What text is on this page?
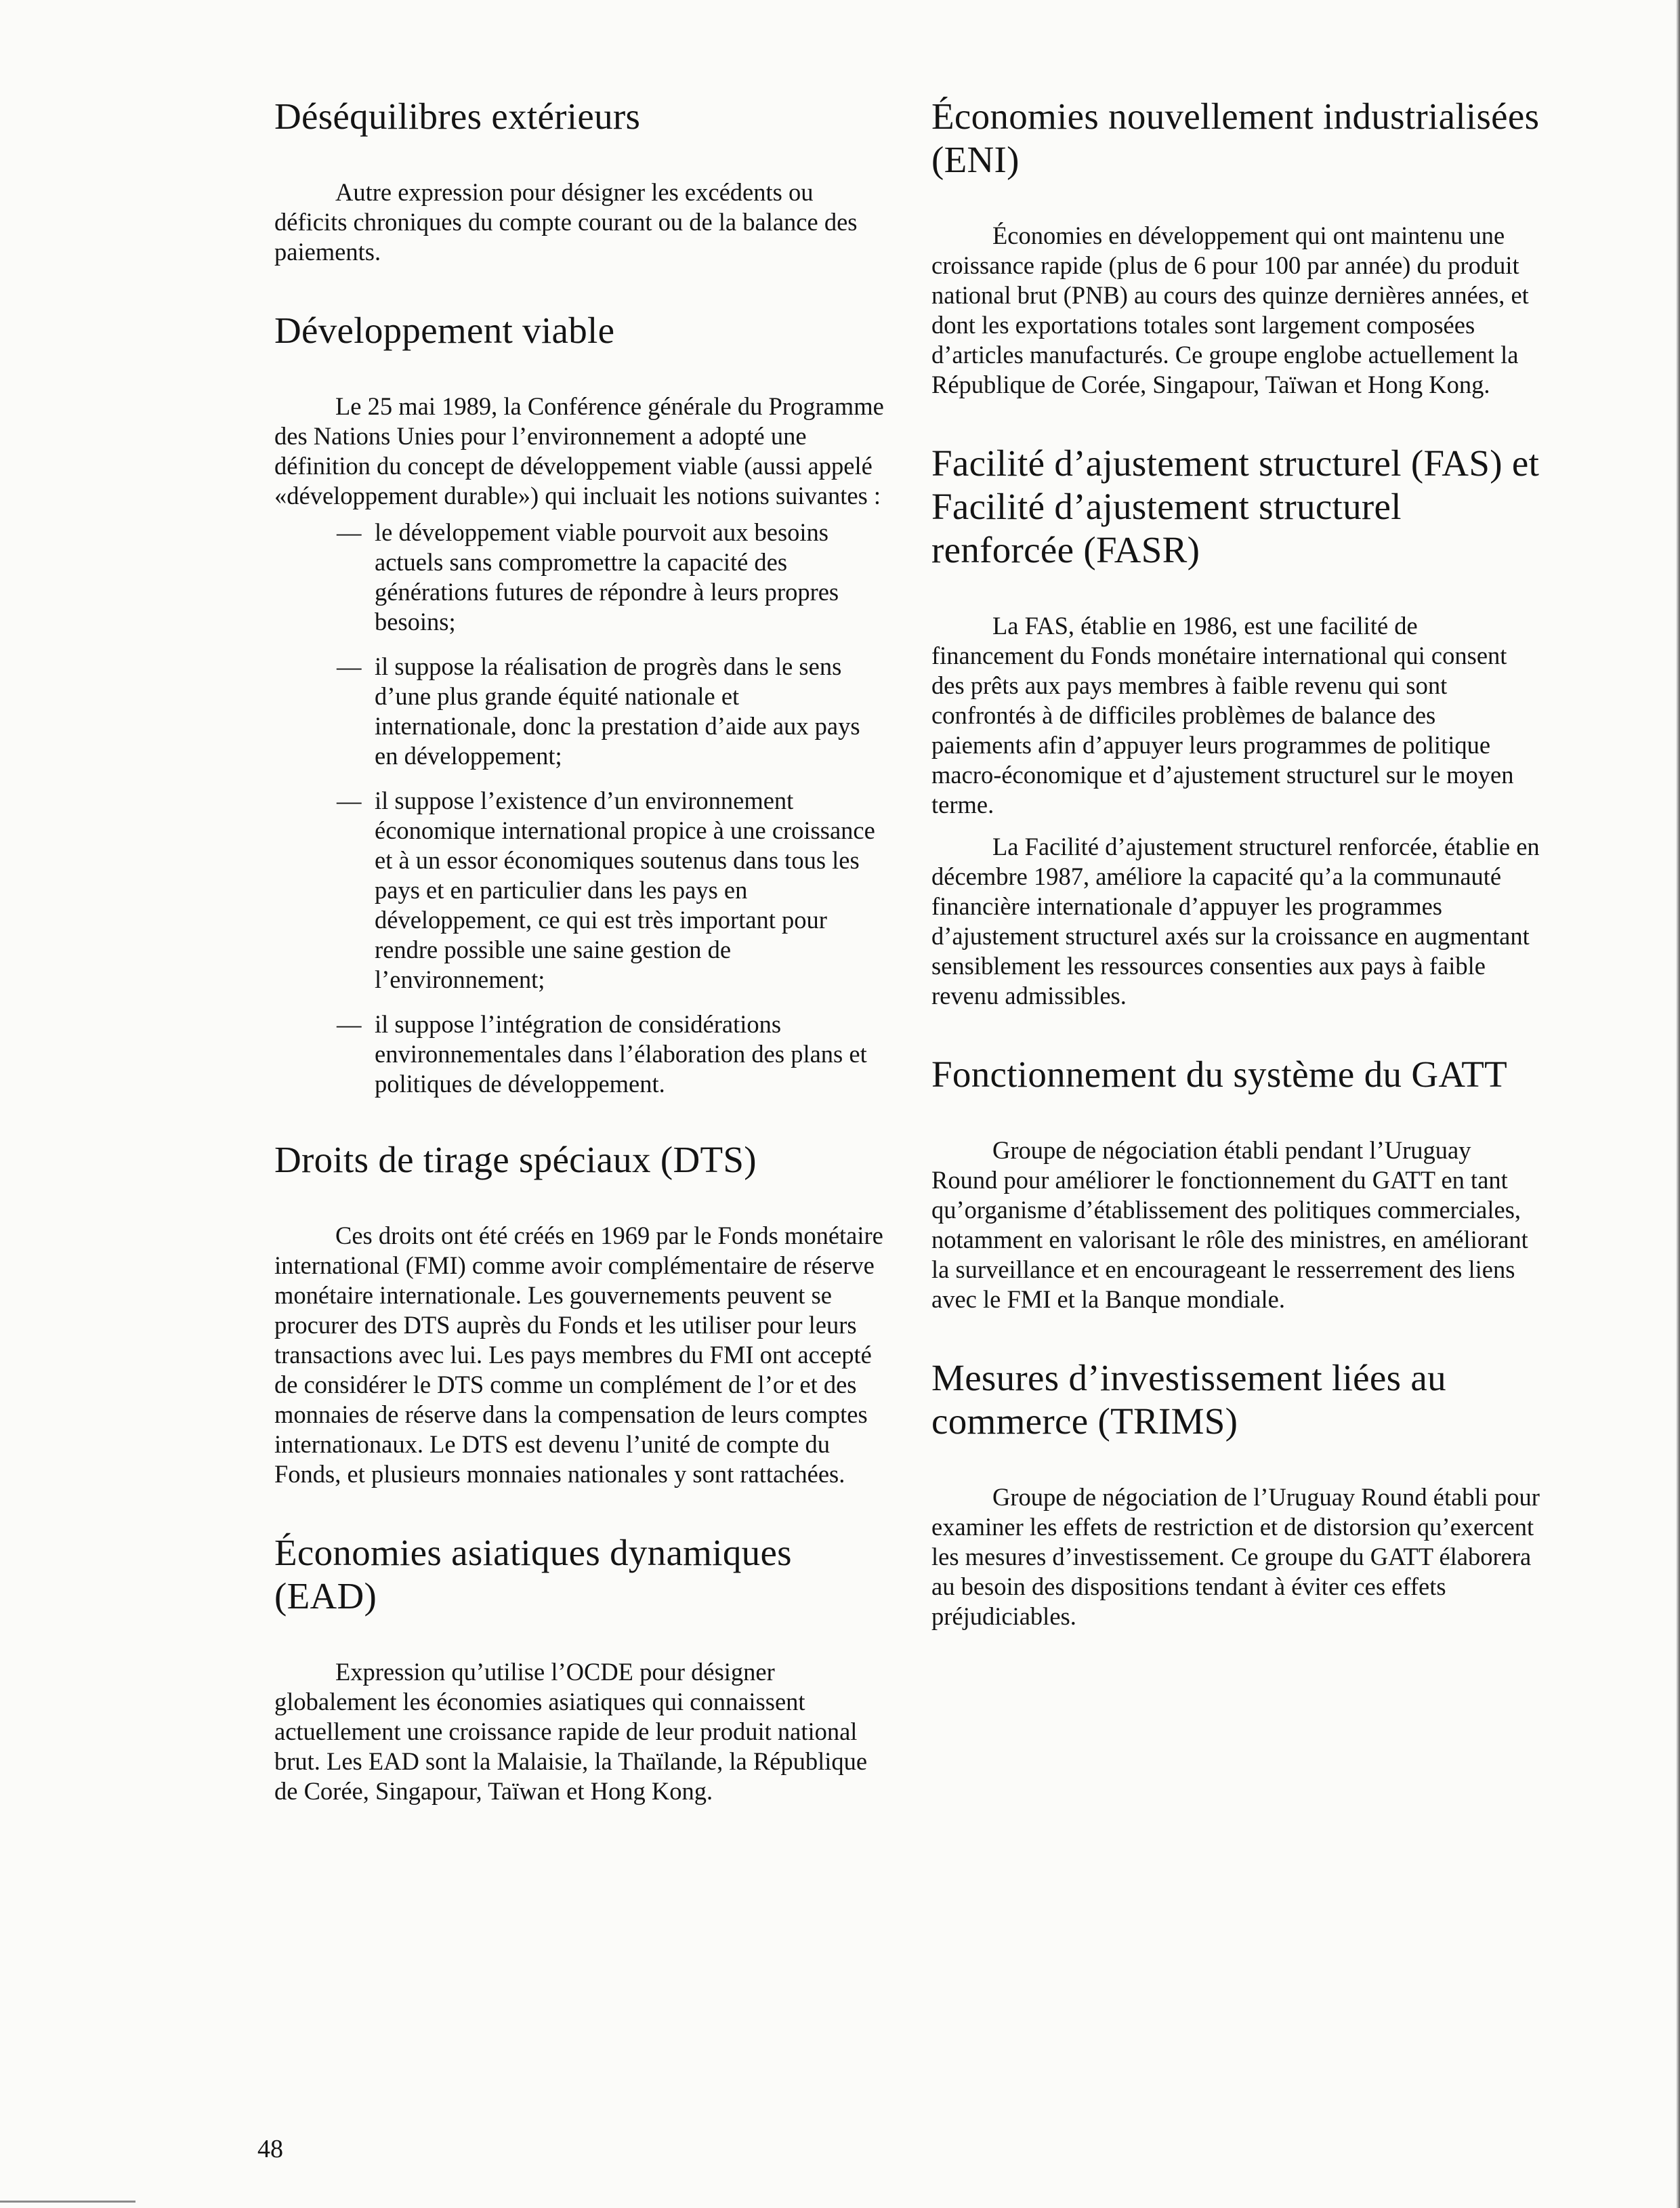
Déséquilibres extérieurs

Autre expression pour désigner les excédents ou déficits chroniques du compte courant ou de la balance des paiements.

Développement viable

Le 25 mai 1989, la Conférence générale du Programme des Nations Unies pour l’environnement a adopté une définition du concept de développement viable (aussi appelé «développement durable») qui incluait les notions suivantes :

— le développement viable pourvoit aux besoins actuels sans compromettre la capacité des générations futures de répondre à leurs propres besoins;
— il suppose la réalisation de progrès dans le sens d’une plus grande équité nationale et internationale, donc la prestation d’aide aux pays en développement;
— il suppose l’existence d’un environnement économique international propice à une croissance et à un essor économiques soutenus dans tous les pays et en particulier dans les pays en développement, ce qui est très important pour rendre possible une saine gestion de l’environnement;
— il suppose l’intégration de considérations environnementales dans l’élaboration des plans et politiques de développement.
Droits de tirage spéciaux (DTS)

Ces droits ont été créés en 1969 par le Fonds monétaire international (FMI) comme avoir complémentaire de réserve monétaire internationale. Les gouvernements peuvent se procurer des DTS auprès du Fonds et les utiliser pour leurs transactions avec lui. Les pays membres du FMI ont accepté de considérer le DTS comme un complément de l’or et des monnaies de réserve dans la compensation de leurs comptes internationaux. Le DTS est devenu l’unité de compte du Fonds, et plusieurs monnaies nationales y sont rattachées.

Économies asiatiques dynamiques (EAD)

Expression qu’utilise l’OCDE pour désigner globalement les économies asiatiques qui connaissent actuellement une croissance rapide de leur produit national brut. Les EAD sont la Malaisie, la Thaïlande, la République de Corée, Singapour, Taïwan et Hong Kong.

Économies nouvellement industrialisées (ENI)

Économies en développement qui ont maintenu une croissance rapide (plus de 6 pour 100 par année) du produit national brut (PNB) au cours des quinze dernières années, et dont les exportations totales sont largement composées d’articles manufacturés. Ce groupe englobe actuellement la République de Corée, Singapour, Taïwan et Hong Kong.

Facilité d’ajustement structurel (FAS) et Facilité d’ajustement structurel renforcée (FASR)

La FAS, établie en 1986, est une facilité de financement du Fonds monétaire international qui consent des prêts aux pays membres à faible revenu qui sont confrontés à de difficiles problèmes de balance des paiements afin d’appuyer leurs programmes de politique macro-économique et d’ajustement structurel sur le moyen terme.

La Facilité d’ajustement structurel renforcée, établie en décembre 1987, améliore la capacité qu’a la communauté financière internationale d’appuyer les programmes d’ajustement structurel axés sur la croissance en augmentant sensiblement les ressources consenties aux pays à faible revenu admissibles.

Fonctionnement du système du GATT

Groupe de négociation établi pendant l’Uruguay Round pour améliorer le fonctionnement du GATT en tant qu’organisme d’établissement des politiques commerciales, notamment en valorisant le rôle des ministres, en améliorant la surveillance et en encourageant le resserrement des liens avec le FMI et la Banque mondiale.

Mesures d’investissement liées au commerce (TRIMS)

Groupe de négociation de l’Uruguay Round établi pour examiner les effets de restriction et de distorsion qu’exercent les mesures d’investissement. Ce groupe du GATT élaborera au besoin des dispositions tendant à éviter ces effets préjudiciables.

48
